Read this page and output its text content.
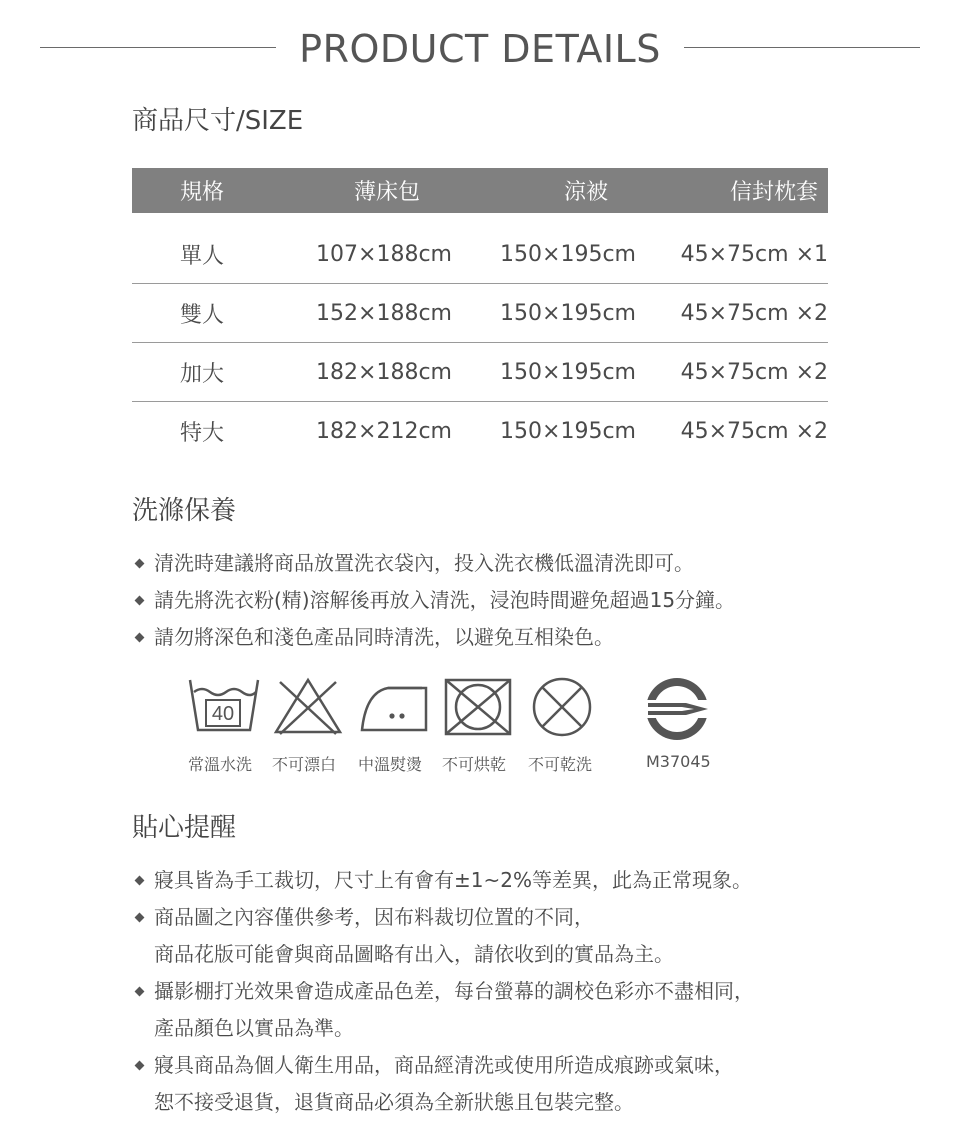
PRODUCT DETAILS
商品尺寸/SIZE
規格	薄床包	涼被	信封枕套
單人	107×188cm	150×195cm	45×75cm ×1
雙人	152×188cm	150×195cm	45×75cm ×2
加大	182×188cm	150×195cm	45×75cm ×2
特大	182×212cm	150×195cm	45×75cm ×2
洗滌保養
清洗時建議將商品放置洗衣袋內，投入洗衣機低溫清洗即可。
請先將洗衣粉(精)溶解後再放入清洗，浸泡時間避免超過15分鐘。
請勿將深色和淺色產品同時清洗，以避免互相染色。
40
常溫水洗 不可漂白 中溫熨燙 不可烘乾 不可乾洗	M37045
貼心提醒
寢具皆為手工裁切，尺寸上有會有±1~2%等差異，此為正常現象。
商品圖之內容僅供參考，因布料裁切位置的不同，
商品花版可能會與商品圖略有出入，請依收到的實品為主。
攝影棚打光效果會造成產品色差，每台螢幕的調校色彩亦不盡相同，
產品顏色以實品為準。
寢具商品為個人衛生用品，商品經清洗或使用所造成痕跡或氣味，
恕不接受退貨，退貨商品必須為全新狀態且包裝完整。
